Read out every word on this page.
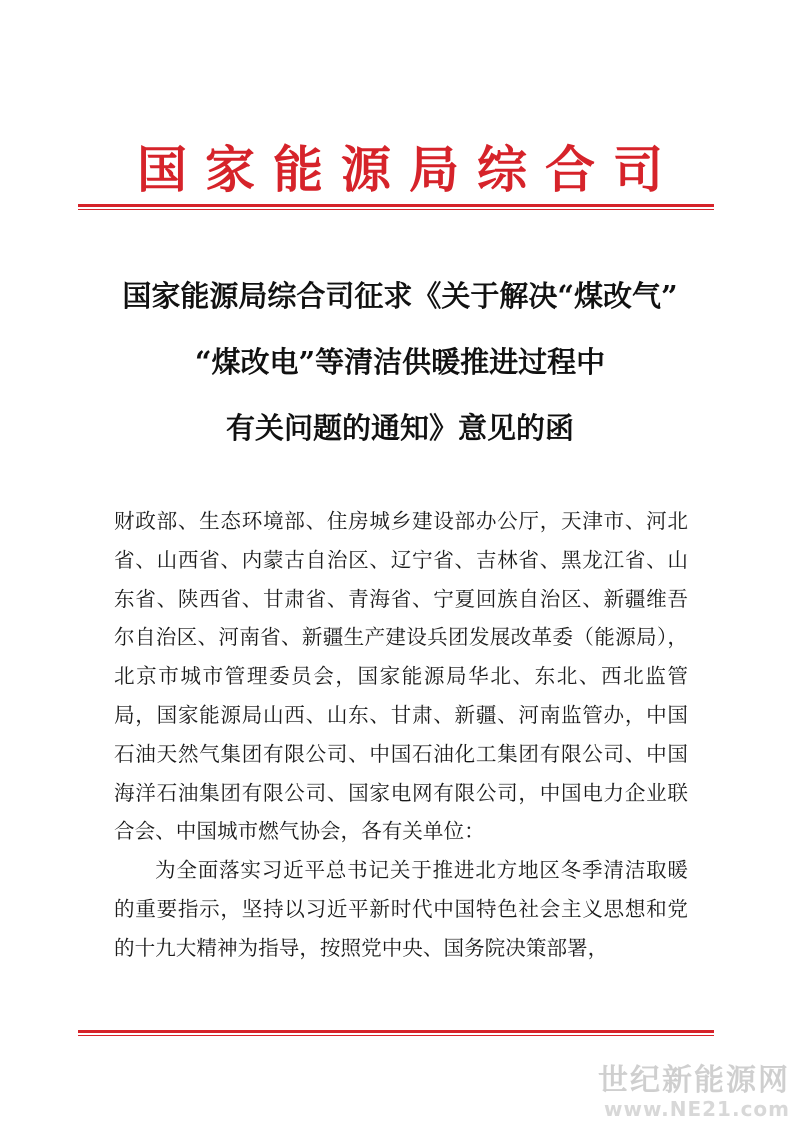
国家能源局综合司
国家能源局综合司征求《关于解决“煤改气”
“煤改电”等清洁供暖推进过程中
有关问题的通知》意见的函

财政部、生态环境部、住房城乡建设部办公厅，天津市、河北省、山西省、内蒙古自治区、辽宁省、吉林省、黑龙江省、山东省、陕西省、甘肃省、青海省、宁夏回族自治区、新疆维吾尔自治区、河南省、新疆生产建设兵团发展改革委（能源局），北京市城市管理委员会，国家能源局华北、东北、西北监管局，国家能源局山西、山东、甘肃、新疆、河南监管办，中国石油天然气集团有限公司、中国石油化工集团有限公司、中国海洋石油集团有限公司、国家电网有限公司，中国电力企业联合会、中国城市燃气协会，各有关单位：

为全面落实习近平总书记关于推进北方地区冬季清洁取暖的重要指示，坚持以习近平新时代中国特色社会主义思想和党的十九大精神为指导，按照党中央、国务院决策部署，

世纪新能源网
www.NE21.com
